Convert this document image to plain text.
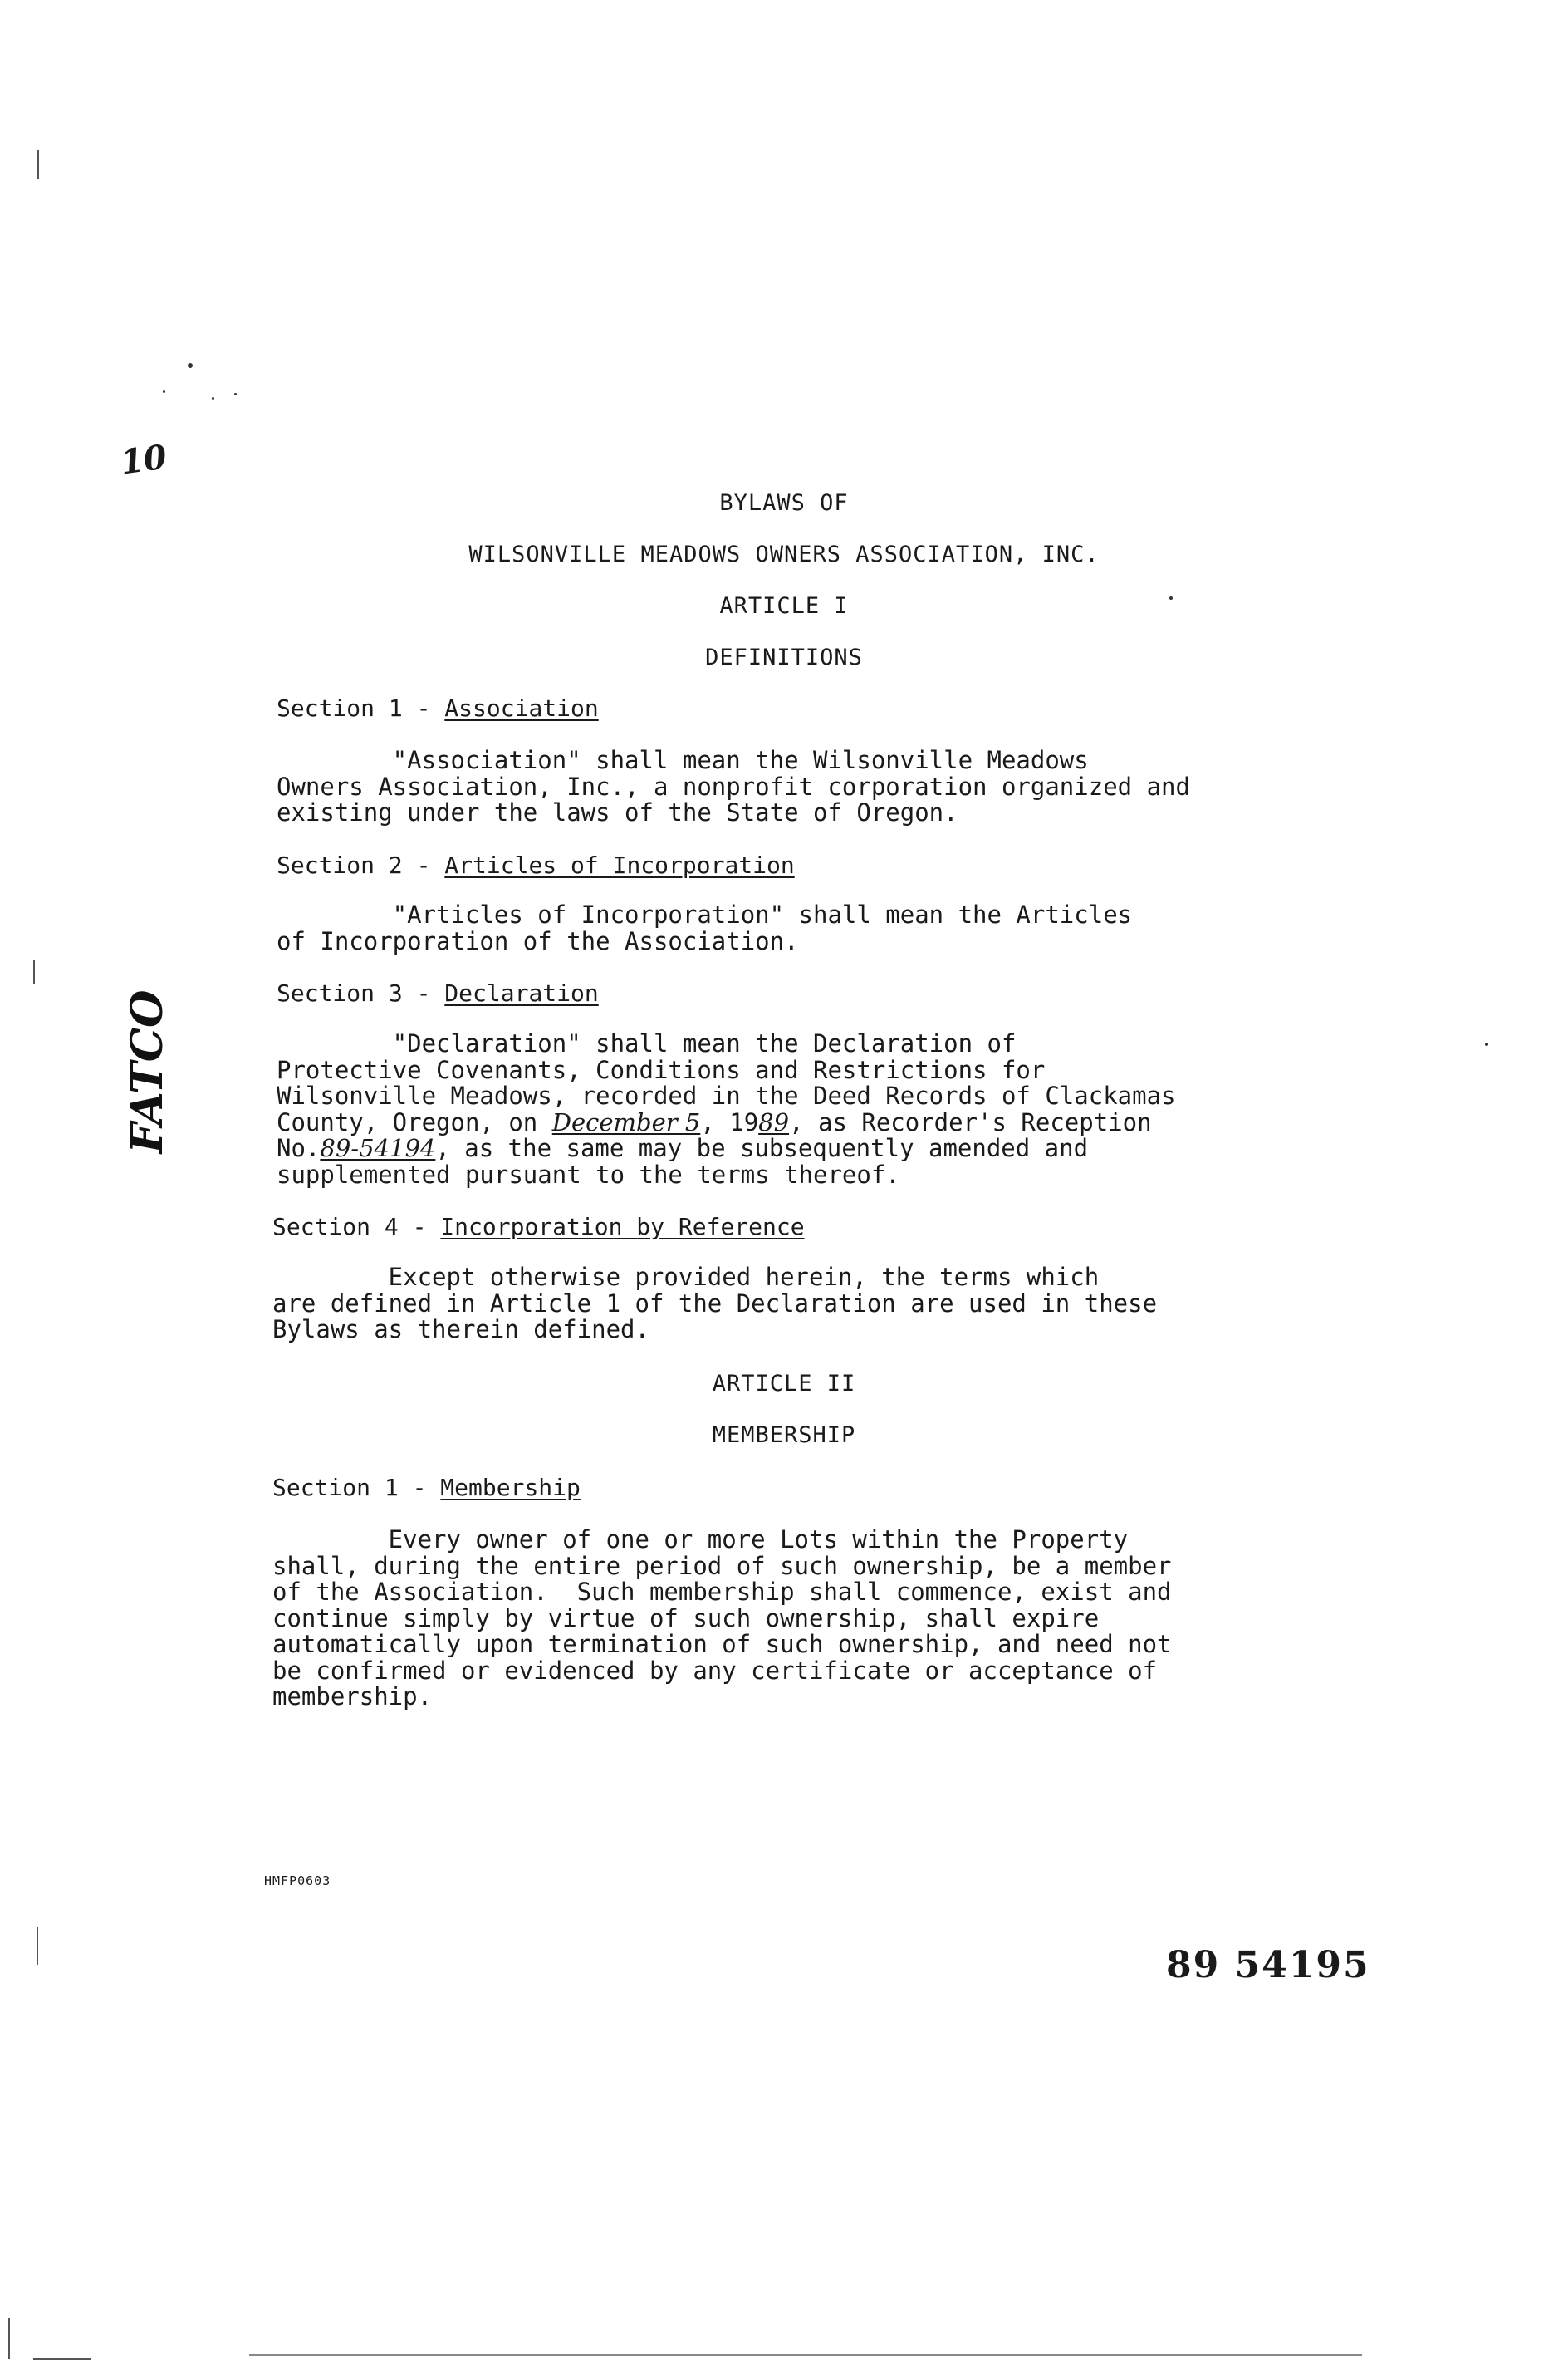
BYLAWS OF
WILSONVILLE MEADOWS OWNERS ASSOCIATION, INC.
ARTICLE I
DEFINITIONS
Section 1 - Association
"Association" shall mean the Wilsonville Meadows
Owners Association, Inc., a nonprofit corporation organized and
existing under the laws of the State of Oregon.
Section 2 - Articles of Incorporation
"Articles of Incorporation" shall mean the Articles
of Incorporation of the Association.
Section 3 - Declaration
"Declaration" shall mean the Declaration of
Protective Covenants, Conditions and Restrictions for
Wilsonville Meadows, recorded in the Deed Records of Clackamas
County, Oregon, on December 5, 1989, as Recorder's Reception
No.89-54194, as the same may be subsequently amended and
supplemented pursuant to the terms thereof.
Section 4 - Incorporation by Reference
Except otherwise provided herein, the terms which
are defined in Article 1 of the Declaration are used in these
Bylaws as therein defined.
ARTICLE II
MEMBERSHIP
Section 1 - Membership
Every owner of one or more Lots within the Property
shall, during the entire period of such ownership, be a member
of the Association.  Such membership shall commence, exist and
continue simply by virtue of such ownership, shall expire
automatically upon termination of such ownership, and need not
be confirmed or evidenced by any certificate or acceptance of
membership.
HMFP0603
89 54195
10
FATCO
